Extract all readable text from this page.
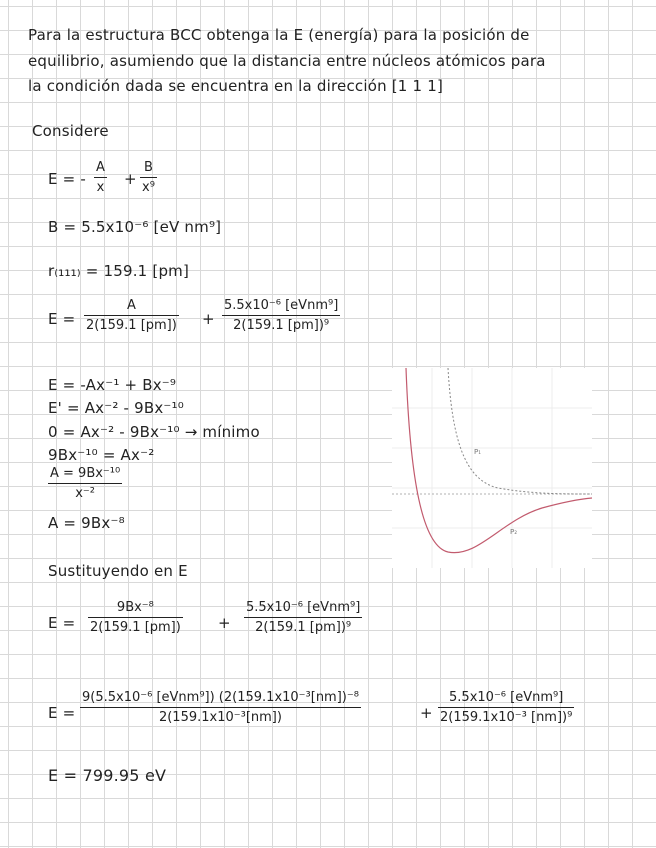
Para la estructura BCC obtenga la E (energía) para la posición de
equilibrio, asumiendo que la distancia entre núcleos atómicos para
la condición dada se encuentra en la dirección [1 1 1]
Considere
E = -
A
x +
B
x⁹
B = 5.5x10⁻⁶ [eV nm⁹]
r₍₁₁₁₎ = 159.1 [pm]
E =
A
2(159.1 [pm]) +
5.5x10⁻⁶ [eVnm⁹]
2(159.1 [pm])⁹
E = -Ax⁻¹ + Bx⁻⁹
E' = Ax⁻² - 9Bx⁻¹⁰
0 = Ax⁻² - 9Bx⁻¹⁰ → mínimo
9Bx⁻¹⁰ = Ax⁻²
A = 9Bx⁻¹⁰
x⁻²
A = 9Bx⁻⁸
P₁
P₂
Sustituyendo en E
E =
9Bx⁻⁸
2(159.1 [pm]) +
5.5x10⁻⁶ [eVnm⁹]
2(159.1 [pm])⁹
E =
9(5.5x10⁻⁶ [eVnm⁹]) (2(159.1x10⁻³[nm])⁻⁸
2(159.1x10⁻³[nm])	+
5.5x10⁻⁶ [eVnm⁹]
2(159.1x10⁻³ [nm])⁹
E = 799.95 eV
